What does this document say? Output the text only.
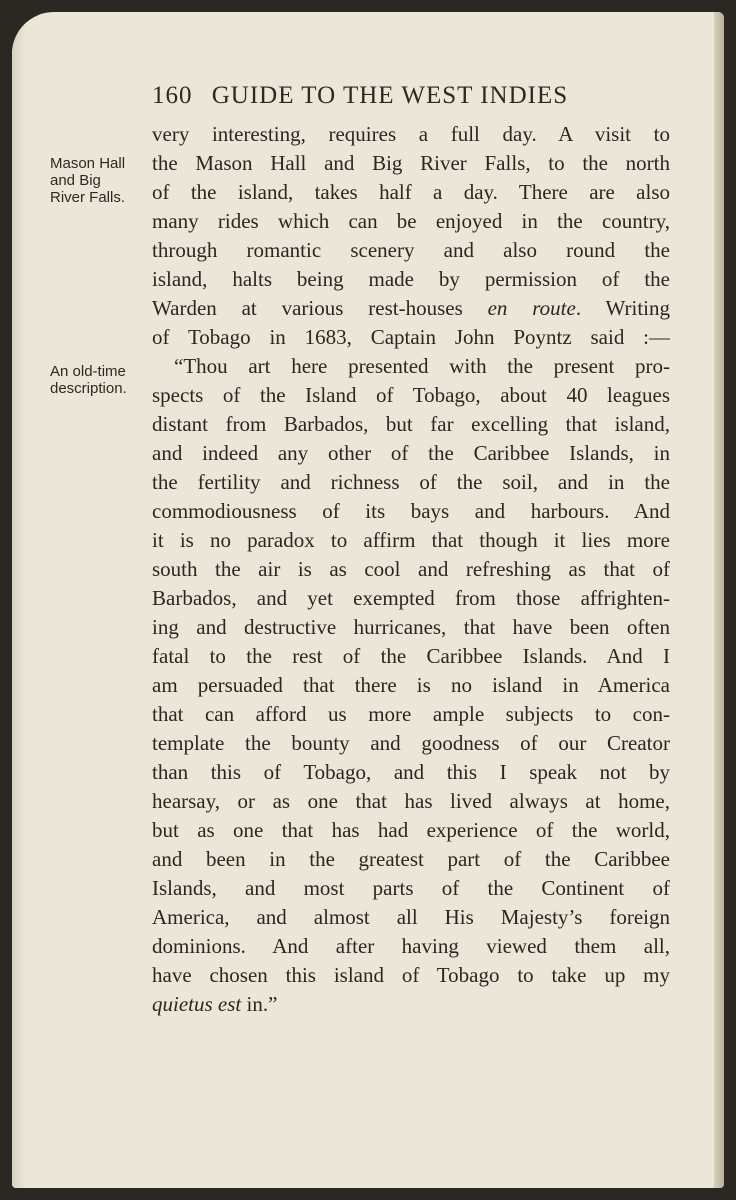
160 GUIDE TO THE WEST INDIES
Mason Hall
and Big
River Falls.
An old-time
description.
very interesting, requires a full day. A visit to
the Mason Hall and Big River Falls, to the north
of the island, takes half a day. There are also
many rides which can be enjoyed in the country,
through romantic scenery and also round the
island, halts being made by permission of the
Warden at various rest-houses en route. Writing
of Tobago in 1683, Captain John Poyntz said :—
“Thou art here presented with the present pro-
spects of the Island of Tobago, about 40 leagues
distant from Barbados, but far excelling that island,
and indeed any other of the Caribbee Islands, in
the fertility and richness of the soil, and in the
commodiousness of its bays and harbours. And
it is no paradox to affirm that though it lies more
south the air is as cool and refreshing as that of
Barbados, and yet exempted from those affrighten-
ing and destructive hurricanes, that have been often
fatal to the rest of the Caribbee Islands. And I
am persuaded that there is no island in America
that can afford us more ample subjects to con-
template the bounty and goodness of our Creator
than this of Tobago, and this I speak not by
hearsay, or as one that has lived always at home,
but as one that has had experience of the world,
and been in the greatest part of the Caribbee
Islands, and most parts of the Continent of
America, and almost all His Majesty’s foreign
dominions. And after having viewed them all,
have chosen this island of Tobago to take up my
quietus est in.”
